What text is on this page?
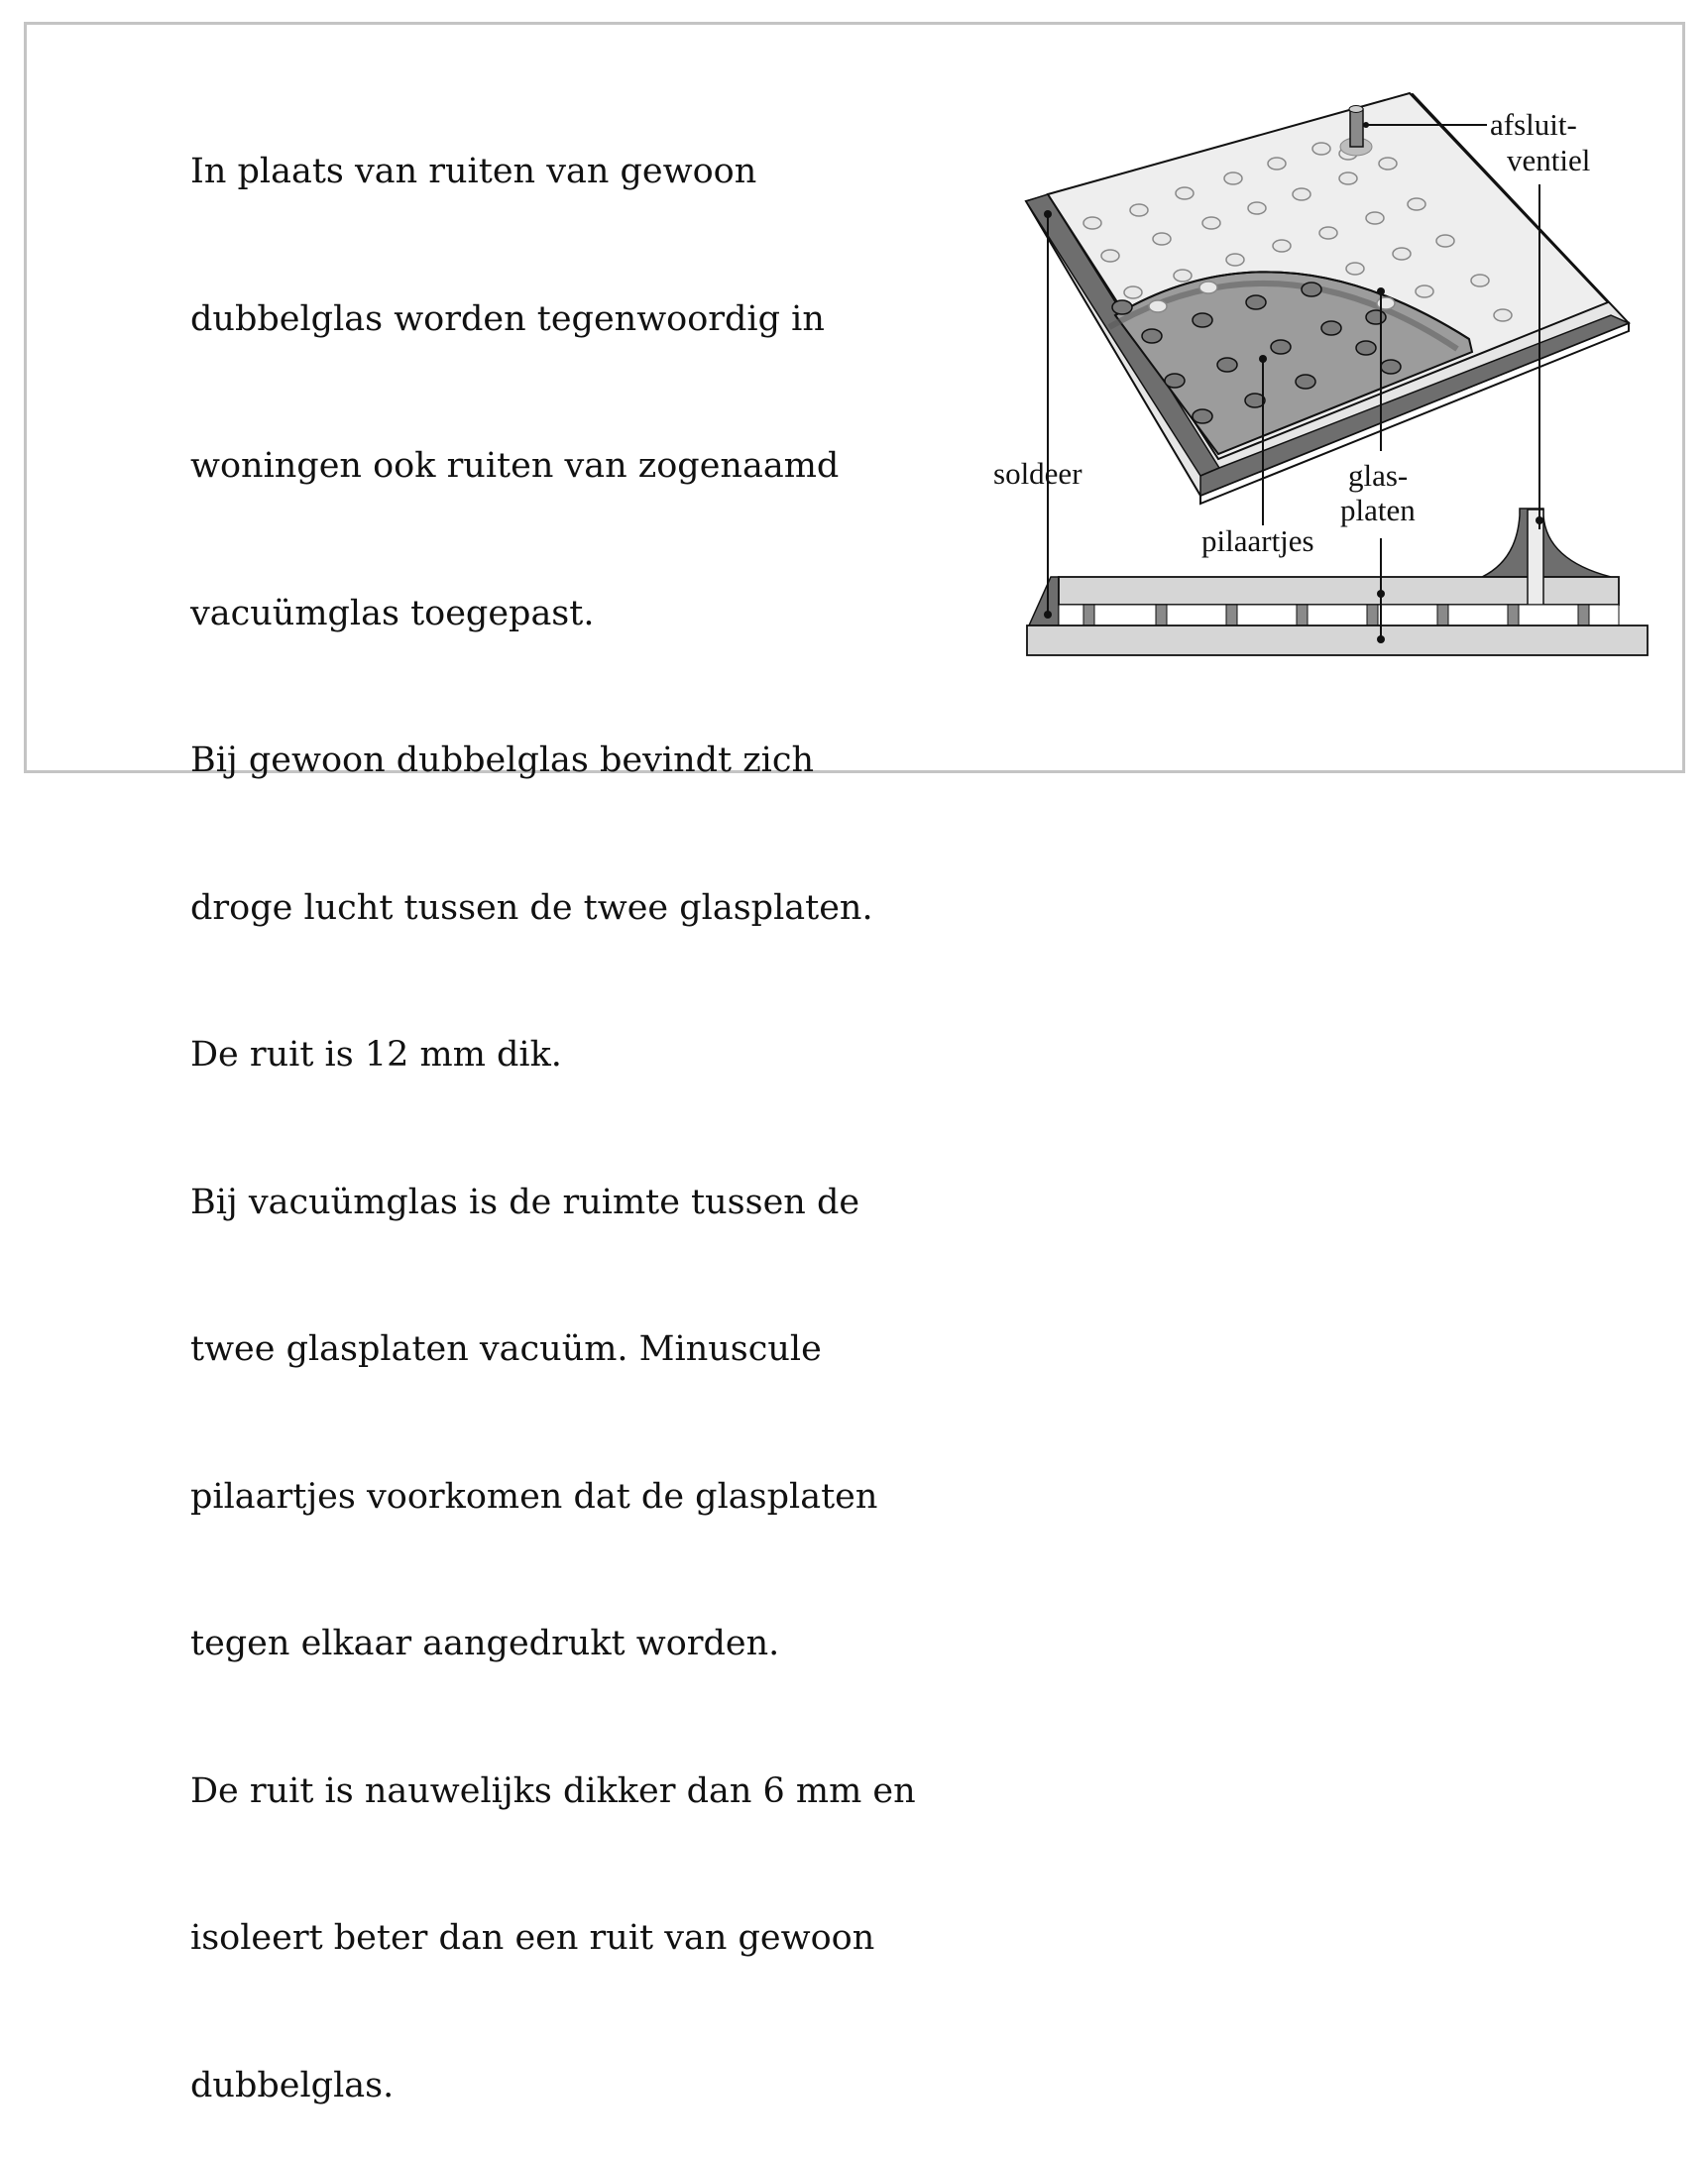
In plaats van ruiten van gewoon

dubbelglas worden tegenwoordig in

woningen ook ruiten van zogenaamd

vacuümglas toegepast.

Bij gewoon dubbelglas bevindt zich

droge lucht tussen de twee glasplaten.

De ruit is 12 mm dik.

Bij vacuümglas is de ruimte tussen de

twee glasplaten vacuüm. Minuscule

pilaartjes voorkomen dat de glasplaten

tegen elkaar aangedrukt worden.

De ruit is nauwelijks dikker dan 6 mm en

isoleert beter dan een ruit van gewoon

dubbelglas.

afsluit-
ventiel
soldeer	glas-
platen
pilaartjes
